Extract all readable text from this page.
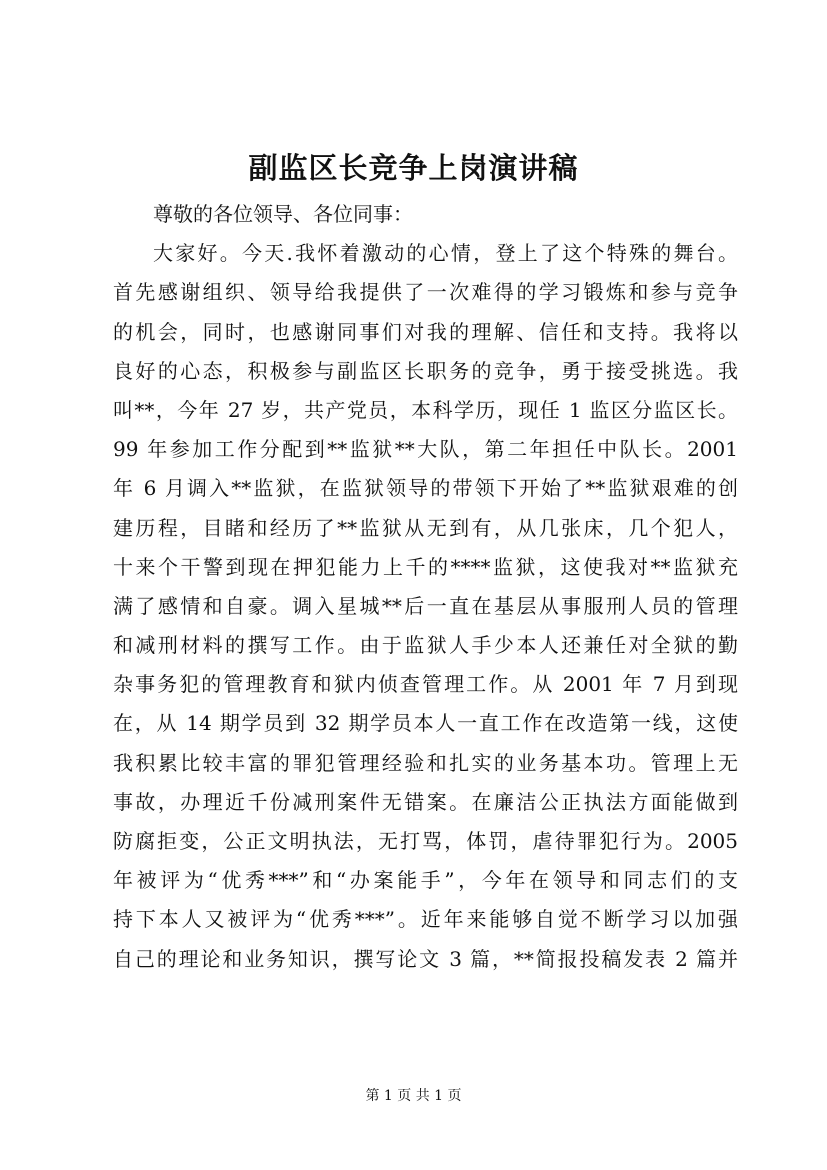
副监区长竞争上岗演讲稿
尊敬的各位领导、各位同事：
大家好。今天.我怀着激动的心情，登上了这个特殊的舞台。
首先感谢组织、领导给我提供了一次难得的学习锻炼和参与竞争
的机会，同时，也感谢同事们对我的理解、信任和支持。我将以
良好的心态，积极参与副监区长职务的竞争，勇于接受挑选。我
叫**，今年 27 岁，共产党员，本科学历，现任 1 监区分监区长。
99 年参加工作分配到**监狱**大队，第二年担任中队长。2001
年 6 月调入**监狱，在监狱领导的带领下开始了**监狱艰难的创
建历程，目睹和经历了**监狱从无到有，从几张床，几个犯人，
十来个干警到现在押犯能力上千的****监狱，这使我对**监狱充
满了感情和自豪。调入星城**后一直在基层从事服刑人员的管理
和减刑材料的撰写工作。由于监狱人手少本人还兼任对全狱的勤
杂事务犯的管理教育和狱内侦查管理工作。从 2001 年 7 月到现
在，从 14 期学员到 32 期学员本人一直工作在改造第一线，这使
我积累比较丰富的罪犯管理经验和扎实的业务基本功。管理上无
事故，办理近千份减刑案件无错案。在廉洁公正执法方面能做到
防腐拒变，公正文明执法，无打骂，体罚，虐待罪犯行为。2005
年被评为“优秀***”和“办案能手”，今年在领导和同志们的支
持下本人又被评为“优秀***”。近年来能够自觉不断学习以加强
自己的理论和业务知识，撰写论文 3 篇，**简报投稿发表 2 篇并
第 1 页 共 1 页
